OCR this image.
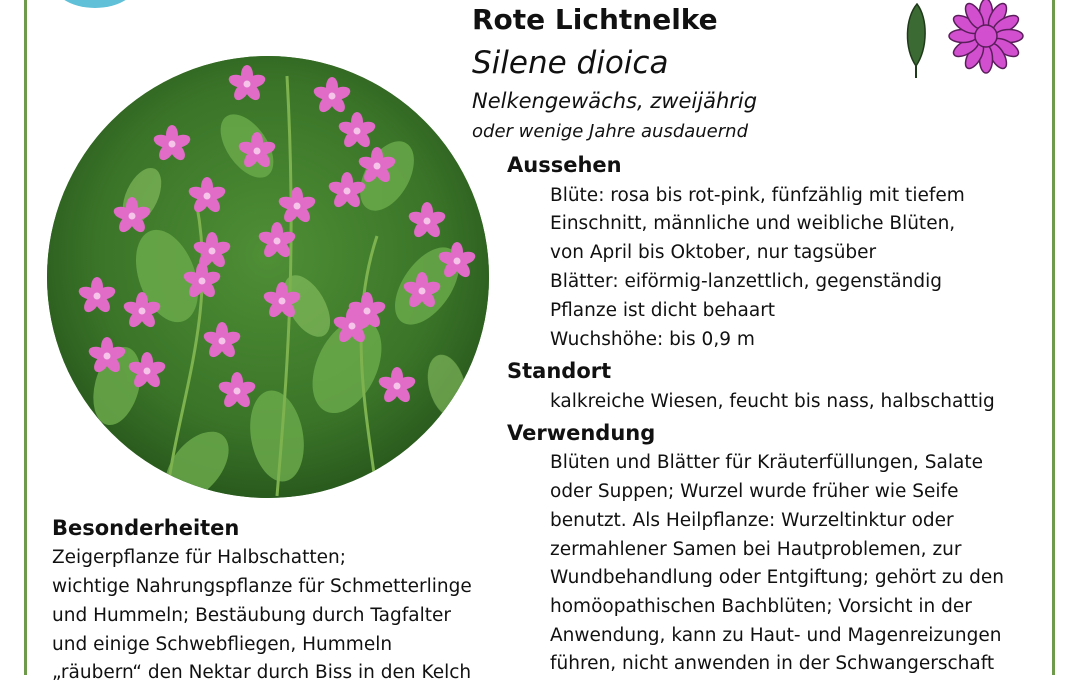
Rote Lichtnelke
Silene dioica
Nelkengewächs, zweijährig
oder wenige Jahre ausdauernd
Aussehen
Blüte: rosa bis rot-pink, fünfzählig mit tiefem
Einschnitt, männliche und weibliche Blüten,
von April bis Oktober, nur tagsüber
Blätter: eiförmig-lanzettlich, gegenständig
Pflanze ist dicht behaart
Wuchshöhe: bis 0,9 m
Standort
kalkreiche Wiesen, feucht bis nass, halbschattig
Verwendung
Blüten und Blätter für Kräuterfüllungen, Salate
oder Suppen; Wurzel wurde früher wie Seife
benutzt. Als Heilpflanze: Wurzeltinktur oder
zermahlener Samen bei Hautproblemen, zur
Wundbehandlung oder Entgiftung; gehört zu den
homöopathischen Bachblüten; Vorsicht in der
Anwendung, kann zu Haut- und Magenreizungen
führen, nicht anwenden in der Schwangerschaft
Besonderheiten
Zeigerpflanze für Halbschatten;
wichtige Nahrungspflanze für Schmetterlinge
und Hummeln; Bestäubung durch Tagfalter
und einige Schwebfliegen, Hummeln
„räubern“ den Nektar durch Biss in den Kelch
